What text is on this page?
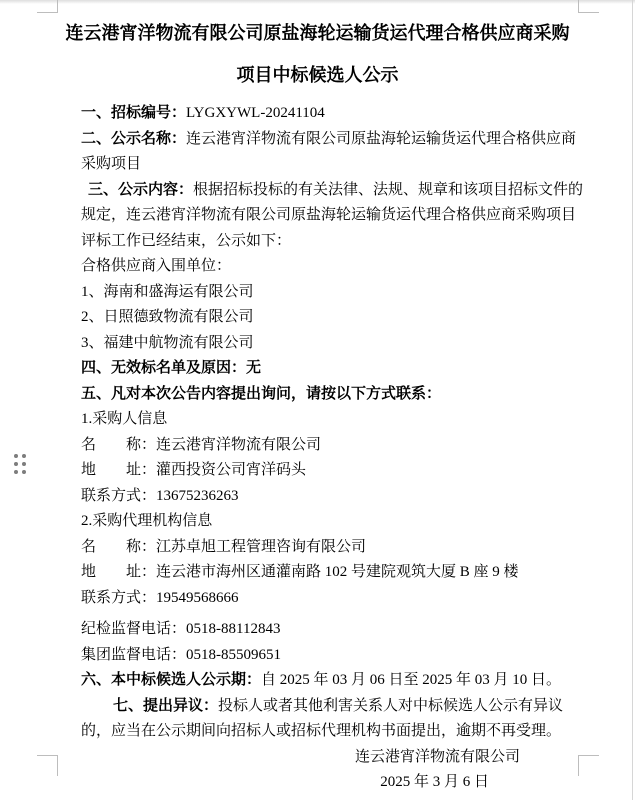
连云港宵洋物流有限公司原盐海轮运输货运代理合格供应商采购
项目中标候选人公示

一、招标编号：LYGXYWL-20241104

二、公示名称：连云港宵洋物流有限公司原盐海轮运输货运代理合格供应商采购项目

三、公示内容：根据招标投标的有关法律、法规、规章和该项目招标文件的规定，连云港宵洋物流有限公司原盐海轮运输货运代理合格供应商采购项目评标工作已经结束，公示如下：

合格供应商入围单位：

1、海南和盛海运有限公司

2、日照德致物流有限公司

3、福建中航物流有限公司

四、无效标名单及原因：无

五、凡对本次公告内容提出询问，请按以下方式联系：

1.采购人信息

名　　称：连云港宵洋物流有限公司

地　　址：灌西投资公司宵洋码头

联系方式：13675236263

2.采购代理机构信息

名　　称：江苏卓旭工程管理咨询有限公司

地　　址：连云港市海州区通灌南路 102 号建院观筑大厦 B 座 9 楼

联系方式：19549568666

纪检监督电话：0518-88112843

集团监督电话：0518-85509651

六、本中标候选人公示期：自 2025 年 03 月 06 日至 2025 年 03 月 10 日。

七、提出异议：投标人或者其他利害关系人对中标候选人公示有异议的，应当在公示期间向招标人或招标代理机构书面提出，逾期不再受理。

连云港宵洋物流有限公司
2025 年 3 月 6 日
